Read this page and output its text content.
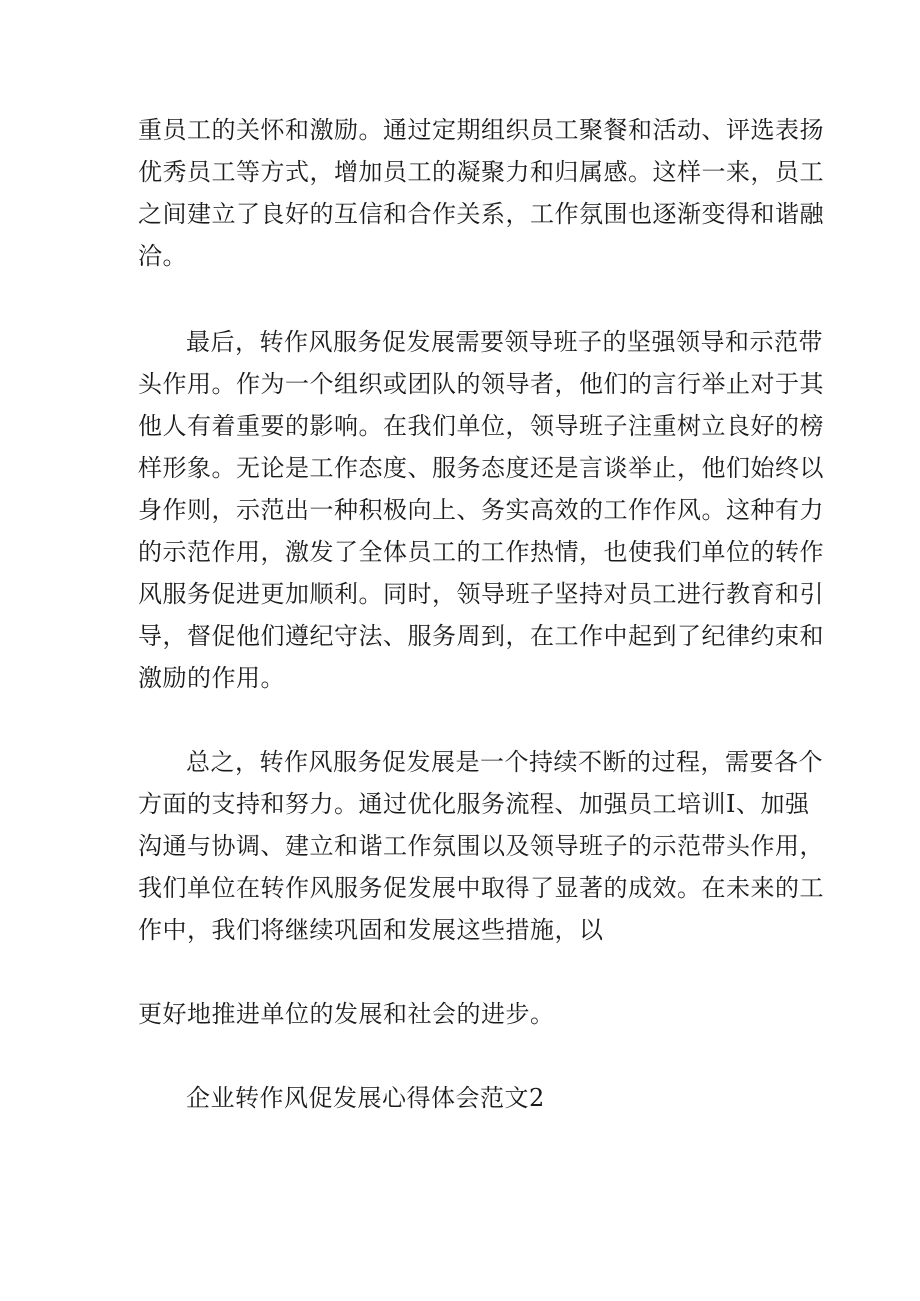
重员工的关怀和激励。通过定期组织员工聚餐和活动、评选表扬
优秀员工等方式，增加员工的凝聚力和归属感。这样一来，员工
之间建立了良好的互信和合作关系，工作氛围也逐渐变得和谐融
洽。
最后，转作风服务促发展需要领导班子的坚强领导和示范带
头作用。作为一个组织或团队的领导者，他们的言行举止对于其
他人有着重要的影响。在我们单位，领导班子注重树立良好的榜
样形象。无论是工作态度、服务态度还是言谈举止，他们始终以
身作则，示范出一种积极向上、务实高效的工作作风。这种有力
的示范作用，激发了全体员工的工作热情，也使我们单位的转作
风服务促进更加顺利。同时，领导班子坚持对员工进行教育和引
导，督促他们遵纪守法、服务周到，在工作中起到了纪律约束和
激励的作用。
总之，转作风服务促发展是一个持续不断的过程，需要各个
方面的支持和努力。通过优化服务流程、加强员工培训I、加强
沟通与协调、建立和谐工作氛围以及领导班子的示范带头作用，
我们单位在转作风服务促发展中取得了显著的成效。在未来的工
作中，我们将继续巩固和发展这些措施，以
更好地推进单位的发展和社会的进步。
企业转作风促发展心得体会范文2
